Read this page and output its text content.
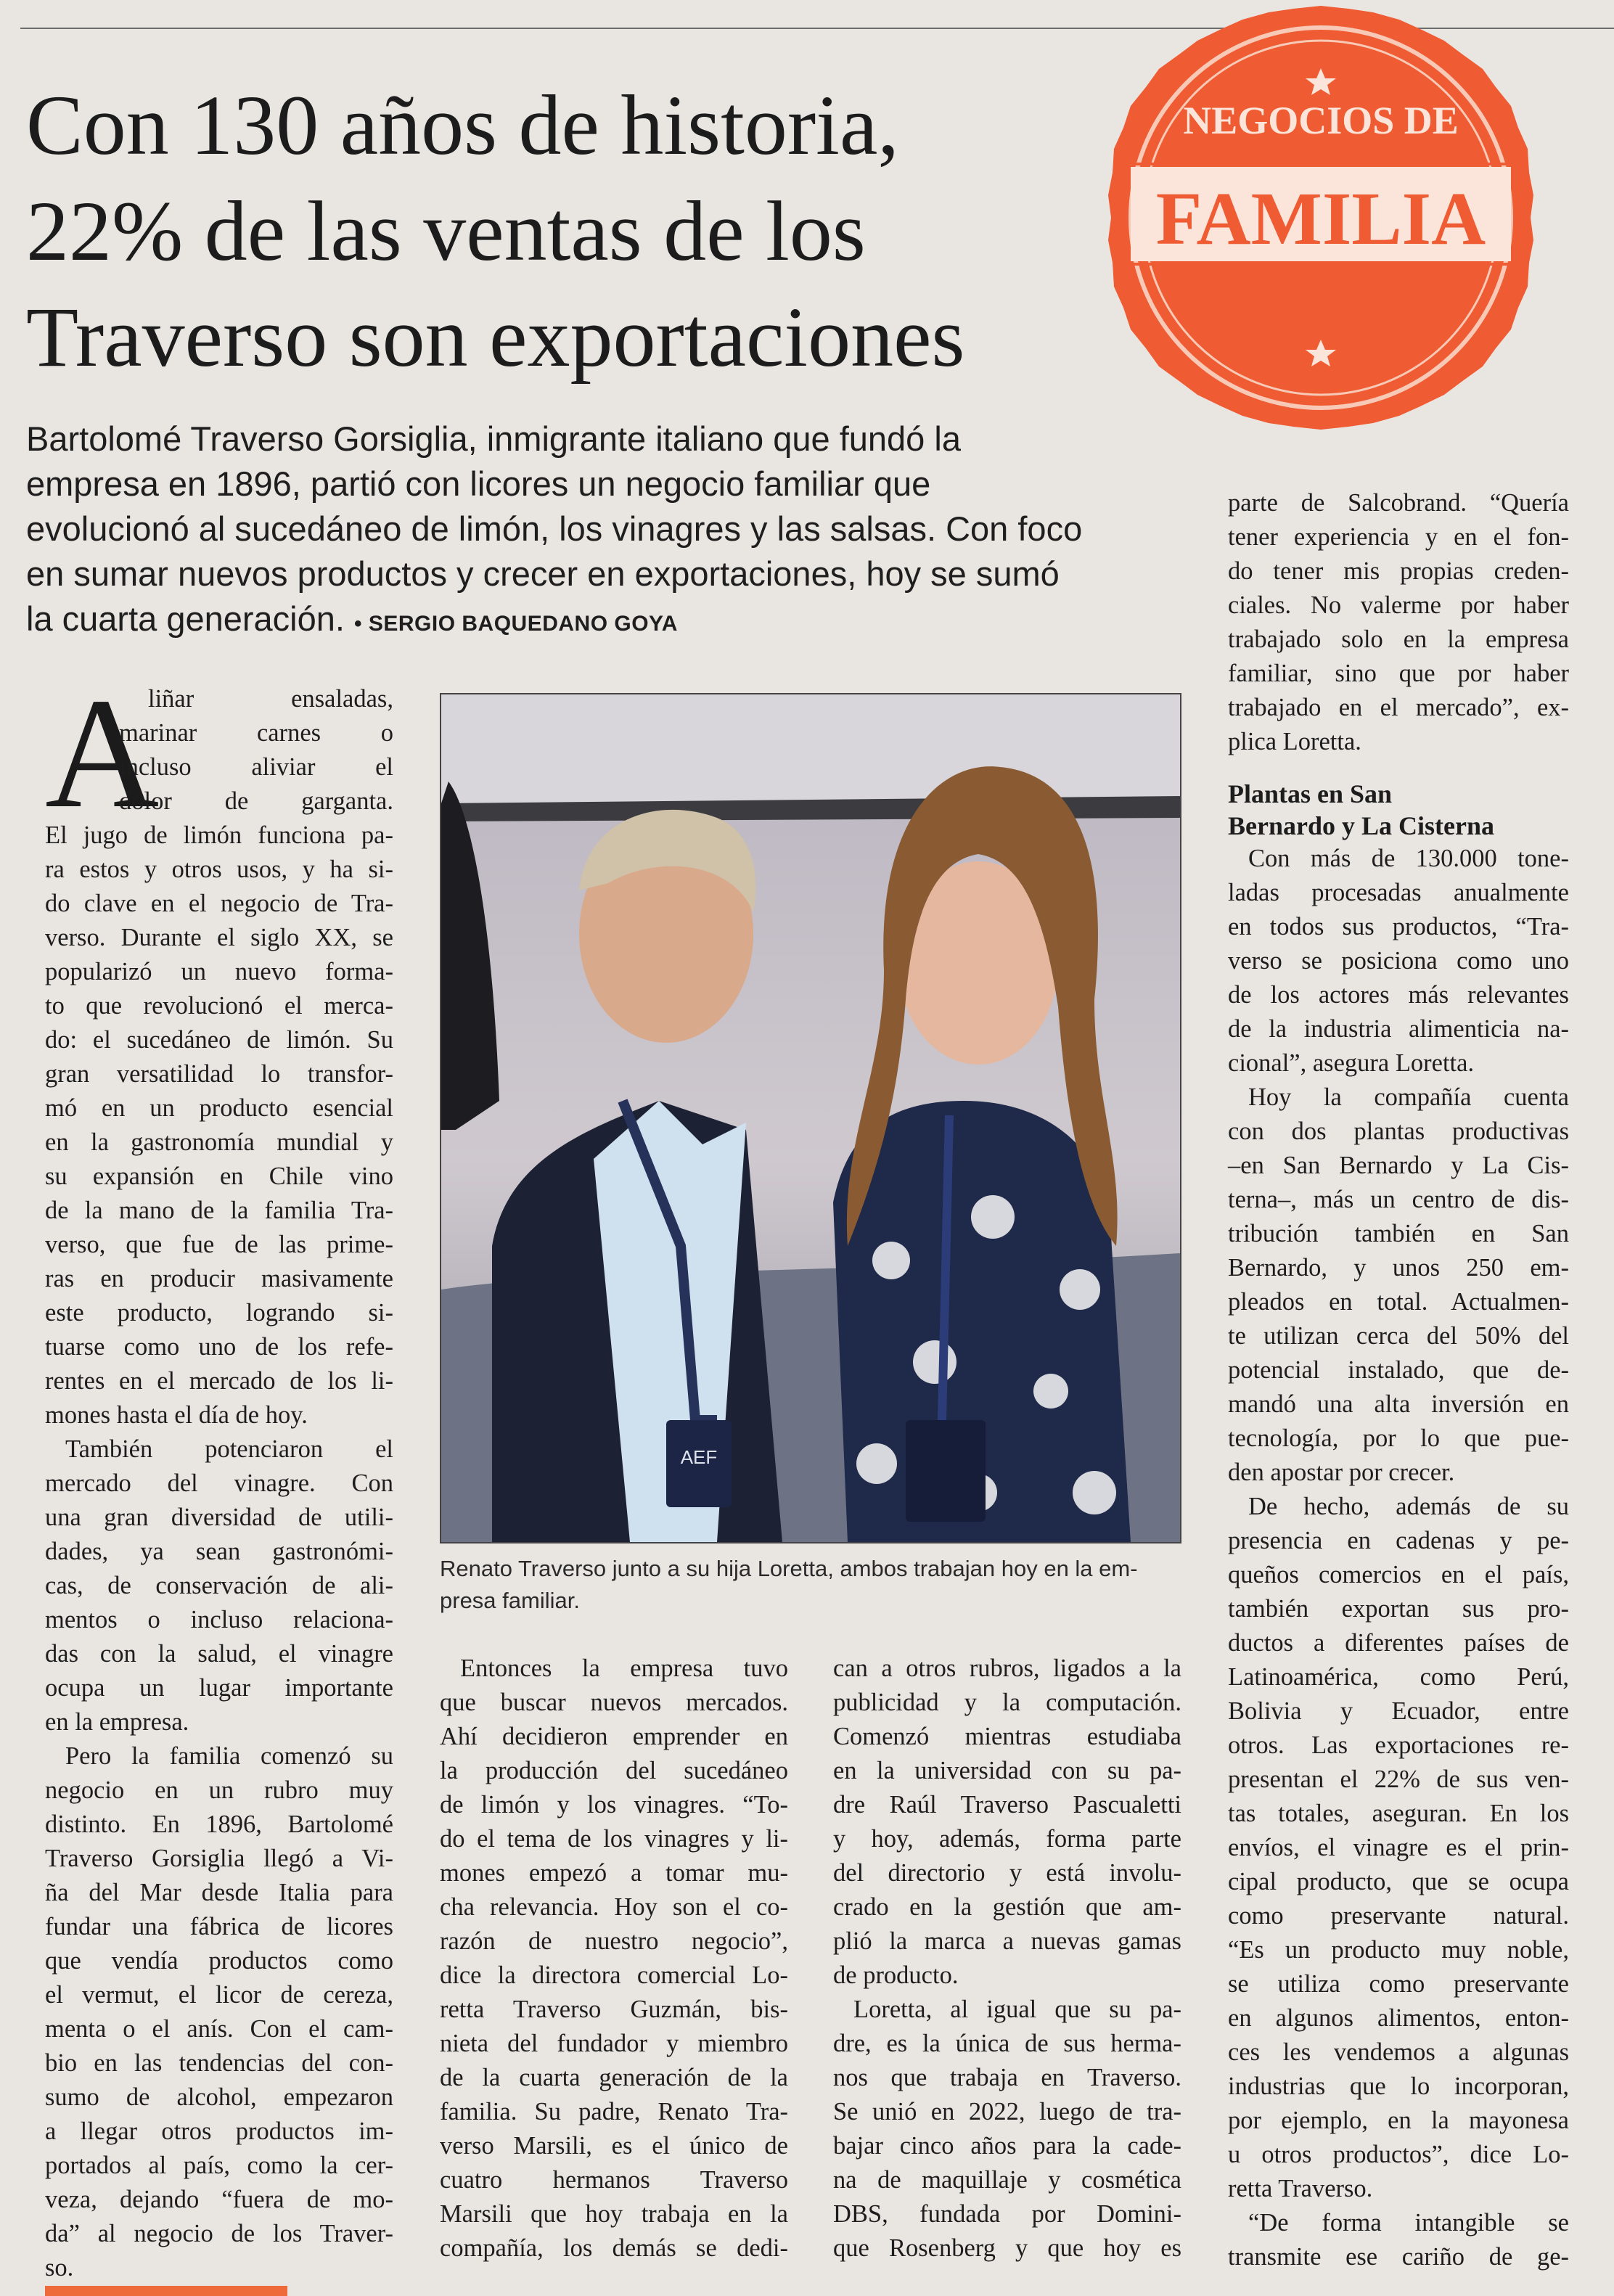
Con 130 años de historia,
22% de las ventas de los
Traverso son exportaciones
NEGOCIOS DE
FAMILIA
Bartolomé Traverso Gorsiglia, inmigrante italiano que fundó la
empresa en 1896, partió con licores un negocio familiar que
evolucionó al sucedáneo de limón, los vinagres y las salsas. Con foco
en sumar nuevos productos y crecer en exportaciones, hoy se sumó
la cuarta generación. • SERGIO BAQUEDANO GOYA
A
liñar ensaladas,
marinar carnes o
incluso aliviar el
dolor de garganta.
El jugo de limón funciona pa-
ra estos y otros usos, y ha si-
do clave en el negocio de Tra-
verso. Durante el siglo XX, se
popularizó un nuevo forma-
to que revolucionó el merca-
do: el sucedáneo de limón. Su
gran versatilidad lo transfor-
mó en un producto esencial
en la gastronomía mundial y
su expansión en Chile vino
de la mano de la familia Tra-
verso, que fue de las prime-
ras en producir masivamente
este producto, logrando si-
tuarse como uno de los refe-
rentes en el mercado de los li-
mones hasta el día de hoy.
También potenciaron el
mercado del vinagre. Con
una gran diversidad de utili-
dades, ya sean gastronómi-
cas, de conservación de ali-
mentos o incluso relaciona-
das con la salud, el vinagre
ocupa un lugar importante
en la empresa.
Pero la familia comenzó su
negocio en un rubro muy
distinto. En 1896, Bartolomé
Traverso Gorsiglia llegó a Vi-
ña del Mar desde Italia para
fundar una fábrica de licores
que vendía productos como
el vermut, el licor de cereza,
menta o el anís. Con el cam-
bio en las tendencias del con-
sumo de alcohol, empezaron
a llegar otros productos im-
portados al país, como la cer-
veza, dejando “fuera de mo-
da” al negocio de los Traver-
so.
AEF
Renato Traverso junto a su hija Loretta, ambos trabajan hoy en la em-
presa familiar.
Entonces la empresa tuvo
que buscar nuevos mercados.
Ahí decidieron emprender en
la producción del sucedáneo
de limón y los vinagres. “To-
do el tema de los vinagres y li-
mones empezó a tomar mu-
cha relevancia. Hoy son el co-
razón de nuestro negocio”,
dice la directora comercial Lo-
retta Traverso Guzmán, bis-
nieta del fundador y miembro
de la cuarta generación de la
familia. Su padre, Renato Tra-
verso Marsili, es el único de
cuatro hermanos Traverso
Marsili que hoy trabaja en la
compañía, los demás se dedi-
can a otros rubros, ligados a la
publicidad y la computación.
Comenzó mientras estudiaba
en la universidad con su pa-
dre Raúl Traverso Pascualetti
y hoy, además, forma parte
del directorio y está involu-
crado en la gestión que am-
plió la marca a nuevas gamas
de producto.
Loretta, al igual que su pa-
dre, es la única de sus herma-
nos que trabaja en Traverso.
Se unió en 2022, luego de tra-
bajar cinco años para la cade-
na de maquillaje y cosmética
DBS, fundada por Domini-
que Rosenberg y que hoy es
parte de Salcobrand. “Quería
tener experiencia y en el fon-
do tener mis propias creden-
ciales. No valerme por haber
trabajado solo en la empresa
familiar, sino que por haber
trabajado en el mercado”, ex-
plica Loretta.
Plantas en San
Bernardo y La Cisterna
Con más de 130.000 tone-
ladas procesadas anualmente
en todos sus productos, “Tra-
verso se posiciona como uno
de los actores más relevantes
de la industria alimenticia na-
cional”, asegura Loretta.
Hoy la compañía cuenta
con dos plantas productivas
–en San Bernardo y La Cis-
terna–, más un centro de dis-
tribución también en San
Bernardo, y unos 250 em-
pleados en total. Actualmen-
te utilizan cerca del 50% del
potencial instalado, que de-
mandó una alta inversión en
tecnología, por lo que pue-
den apostar por crecer.
De hecho, además de su
presencia en cadenas y pe-
queños comercios en el país,
también exportan sus pro-
ductos a diferentes países de
Latinoamérica, como Perú,
Bolivia y Ecuador, entre
otros. Las exportaciones re-
presentan el 22% de sus ven-
tas totales, aseguran. En los
envíos, el vinagre es el prin-
cipal producto, que se ocupa
como preservante natural.
“Es un producto muy noble,
se utiliza como preservante
en algunos alimentos, enton-
ces les vendemos a algunas
industrias que lo incorporan,
por ejemplo, en la mayonesa
u otros productos”, dice Lo-
retta Traverso.
“De forma intangible se
transmite ese cariño de ge-
